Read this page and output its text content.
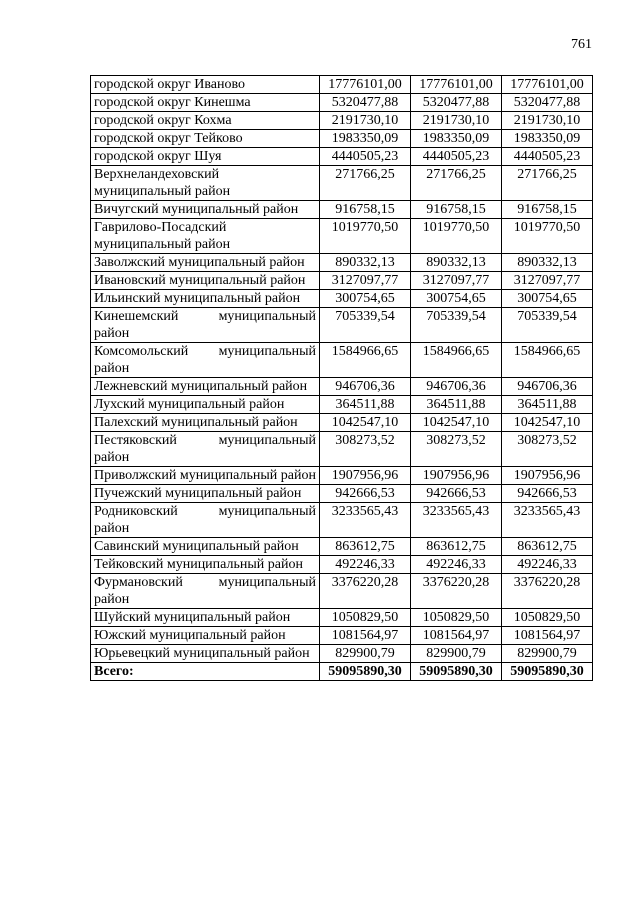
761
городской округ Иваново	17776101,00	17776101,00	17776101,00
городской округ Кинешма	5320477,88	5320477,88	5320477,88
городской округ Кохма	2191730,10	2191730,10	2191730,10
городской округ Тейково	1983350,09	1983350,09	1983350,09
городской округ Шуя	4440505,23	4440505,23	4440505,23
Верхнеландеховский муниципальный район	271766,25	271766,25	271766,25
Вичугский муниципальный район	916758,15	916758,15	916758,15
Гаврилово-Посадский муниципальный район	1019770,50	1019770,50	1019770,50
Заволжский муниципальный район	890332,13	890332,13	890332,13
Ивановский муниципальный район	3127097,77	3127097,77	3127097,77
Ильинский муниципальный район	300754,65	300754,65	300754,65
Кинешемский муниципальный район	705339,54	705339,54	705339,54
Комсомольский муниципальный район	1584966,65	1584966,65	1584966,65
Лежневский муниципальный район	946706,36	946706,36	946706,36
Лухский муниципальный район	364511,88	364511,88	364511,88
Палехский муниципальный район	1042547,10	1042547,10	1042547,10
Пестяковский муниципальный район	308273,52	308273,52	308273,52
Приволжский муниципальный район	1907956,96	1907956,96	1907956,96
Пучежский муниципальный район	942666,53	942666,53	942666,53
Родниковский муниципальный район	3233565,43	3233565,43	3233565,43
Савинский муниципальный район	863612,75	863612,75	863612,75
Тейковский муниципальный район	492246,33	492246,33	492246,33
Фурмановский муниципальный район	3376220,28	3376220,28	3376220,28
Шуйский муниципальный район	1050829,50	1050829,50	1050829,50
Южский муниципальный район	1081564,97	1081564,97	1081564,97
Юрьевецкий муниципальный район	829900,79	829900,79	829900,79
Всего:	59095890,30	59095890,30	59095890,30
